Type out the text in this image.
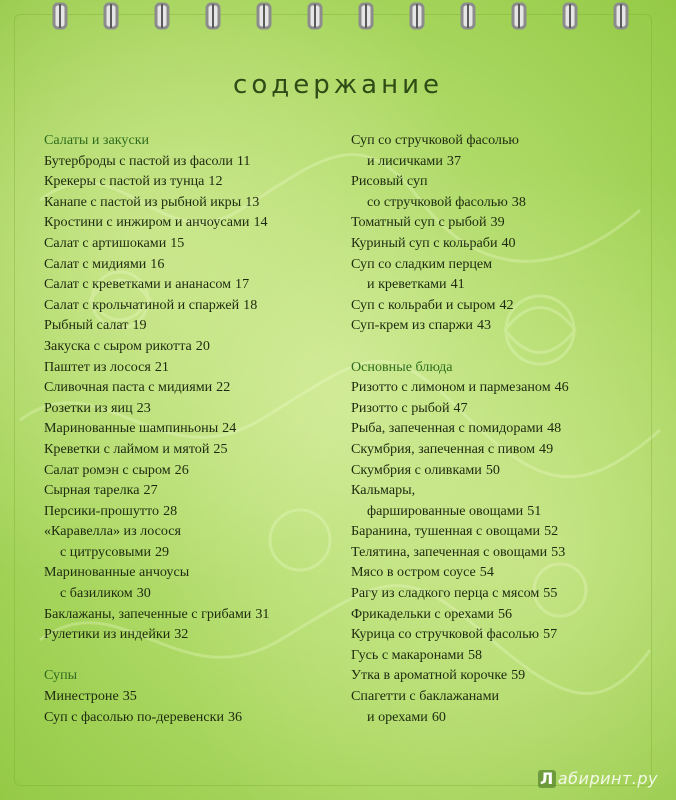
содержание
Салаты и закуски
Бутерброды с пастой из фасоли 11
Крекеры с пастой из тунца 12
Канапе с пастой из рыбной икры 13
Кростини с инжиром и анчоусами 14
Салат с артишоками 15
Салат с мидиями 16
Салат с креветками и ананасом 17
Салат с крольчатиной и спаржей 18
Рыбный салат 19
Закуска с сыром рикотта 20
Паштет из лосося 21
Сливочная паста с мидиями 22
Розетки из яиц 23
Маринованные шампиньоны 24
Креветки с лаймом и мятой 25
Салат ромэн с сыром 26
Сырная тарелка 27
Персики-прошутто 28
«Каравелла» из лосося
с цитрусовыми 29
Маринованные анчоусы
с базиликом 30
Баклажаны, запеченные с грибами 31
Рулетики из индейки 32
Супы
Минестроне 35
Суп с фасолью по-деревенски 36
Суп со стручковой фасолью
и лисичками 37
Рисовый суп
со стручковой фасолью 38
Томатный суп с рыбой 39
Куриный суп с кольраби 40
Суп со сладким перцем
и креветками 41
Суп с кольраби и сыром 42
Суп-крем из спаржи 43
Основные блюда
Ризотто с лимоном и пармезаном 46
Ризотто с рыбой 47
Рыба, запеченная с помидорами 48
Скумбрия, запеченная с пивом 49
Скумбрия с оливками 50
Кальмары,
фаршированные овощами 51
Баранина, тушенная с овощами 52
Телятина, запеченная с овощами 53
Мясо в остром соусе 54
Рагу из сладкого перца с мясом 55
Фрикадельки с орехами 56
Курица со стручковой фасолью 57
Гусь с макаронами 58
Утка в ароматной корочке 59
Спагетти с баклажанами
и орехами 60
Л абиринт.ру
